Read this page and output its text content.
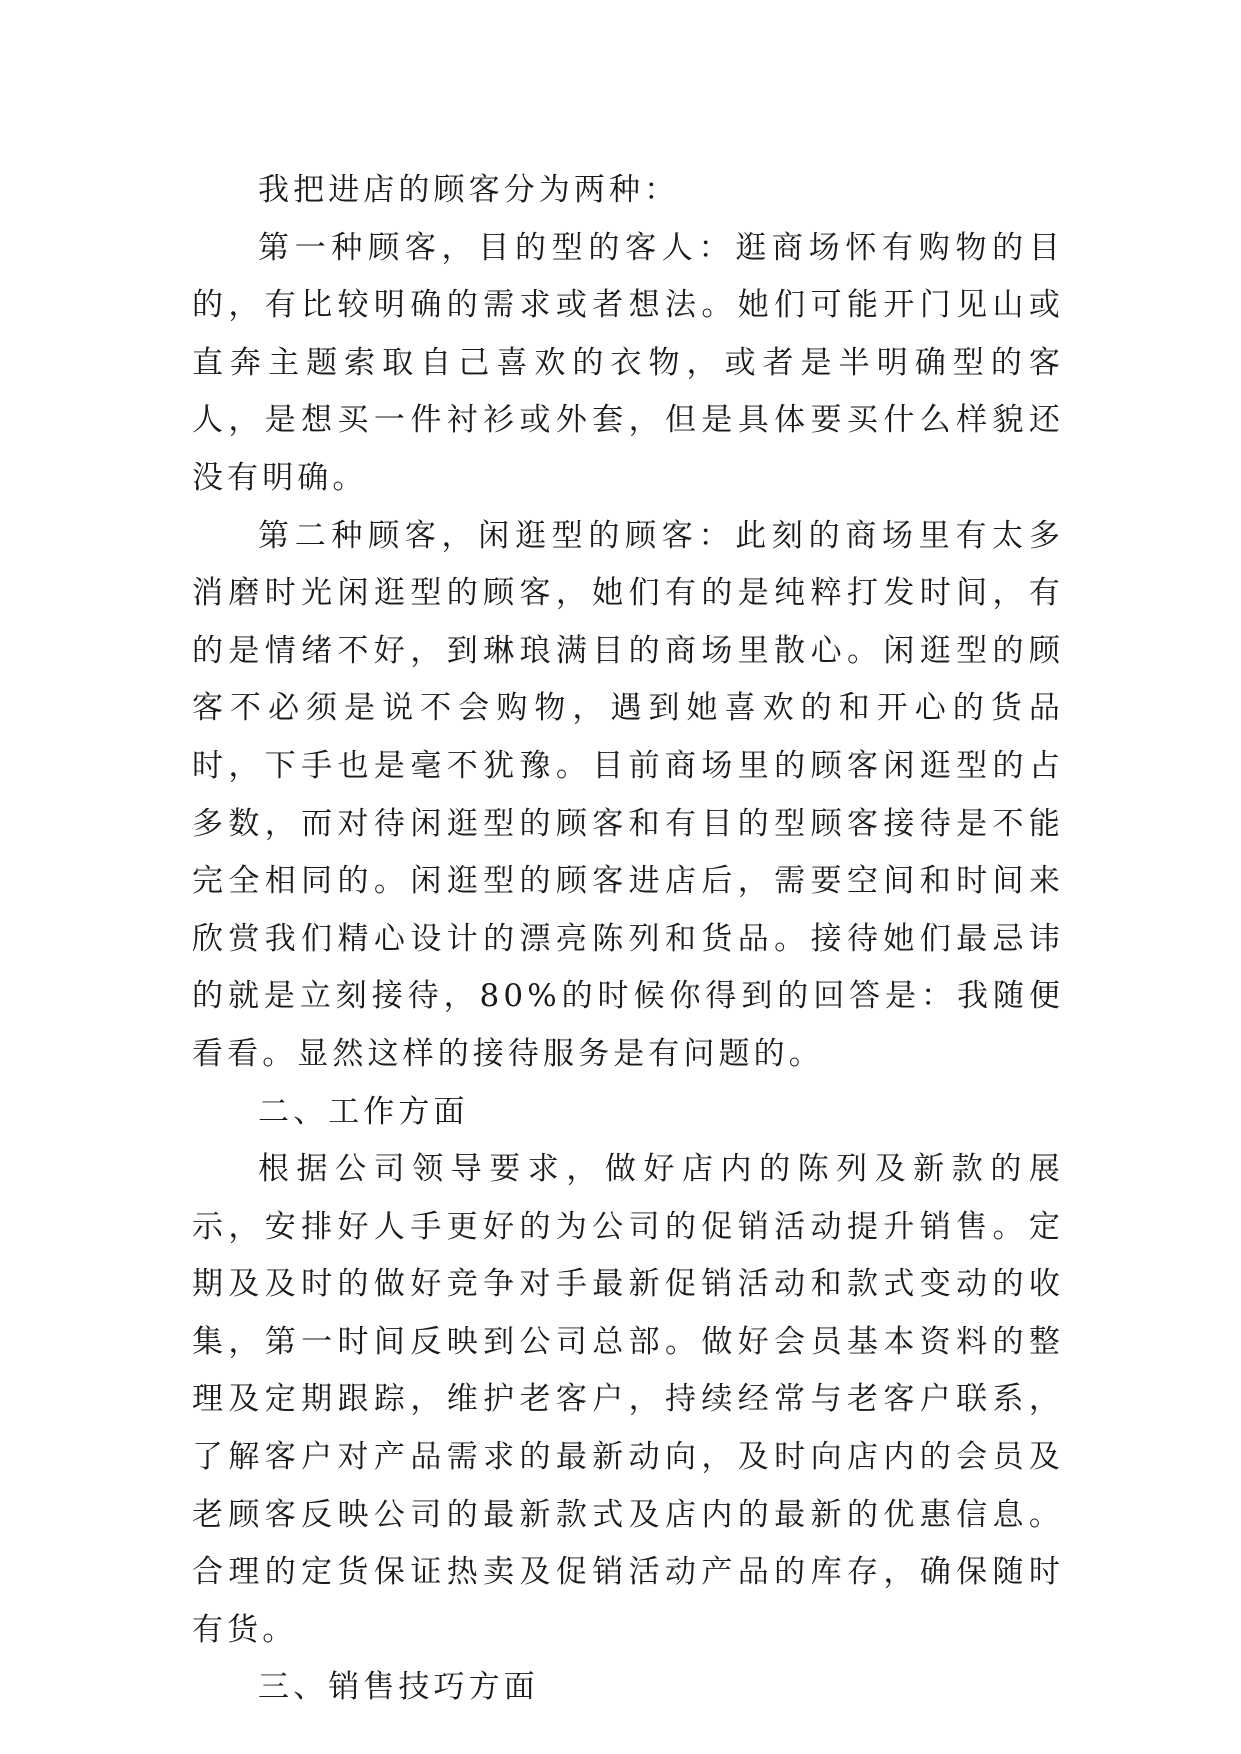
我把进店的顾客分为两种：

第一种顾客，目的型的客人：逛商场怀有购物的目的，有比较明确的需求或者想法。她们可能开门见山或直奔主题索取自己喜欢的衣物，或者是半明确型的客人，是想买一件衬衫或外套，但是具体要买什么样貌还没有明确。

第二种顾客，闲逛型的顾客：此刻的商场里有太多消磨时光闲逛型的顾客，她们有的是纯粹打发时间，有的是情绪不好，到琳琅满目的商场里散心。闲逛型的顾客不必须是说不会购物，遇到她喜欢的和开心的货品时，下手也是毫不犹豫。目前商场里的顾客闲逛型的占多数，而对待闲逛型的顾客和有目的型顾客接待是不能完全相同的。闲逛型的顾客进店后，需要空间和时间来欣赏我们精心设计的漂亮陈列和货品。接待她们最忌讳的就是立刻接待，80%的时候你得到的回答是：我随便看看。显然这样的接待服务是有问题的。

二、工作方面

根据公司领导要求，做好店内的陈列及新款的展示，安排好人手更好的为公司的促销活动提升销售。定期及及时的做好竞争对手最新促销活动和款式变动的收集，第一时间反映到公司总部。做好会员基本资料的整理及定期跟踪，维护老客户，持续经常与老客户联系，了解客户对产品需求的最新动向，及时向店内的会员及老顾客反映公司的最新款式及店内的最新的优惠信息。合理的定货保证热卖及促销活动产品的库存，确保随时有货。

三、销售技巧方面
